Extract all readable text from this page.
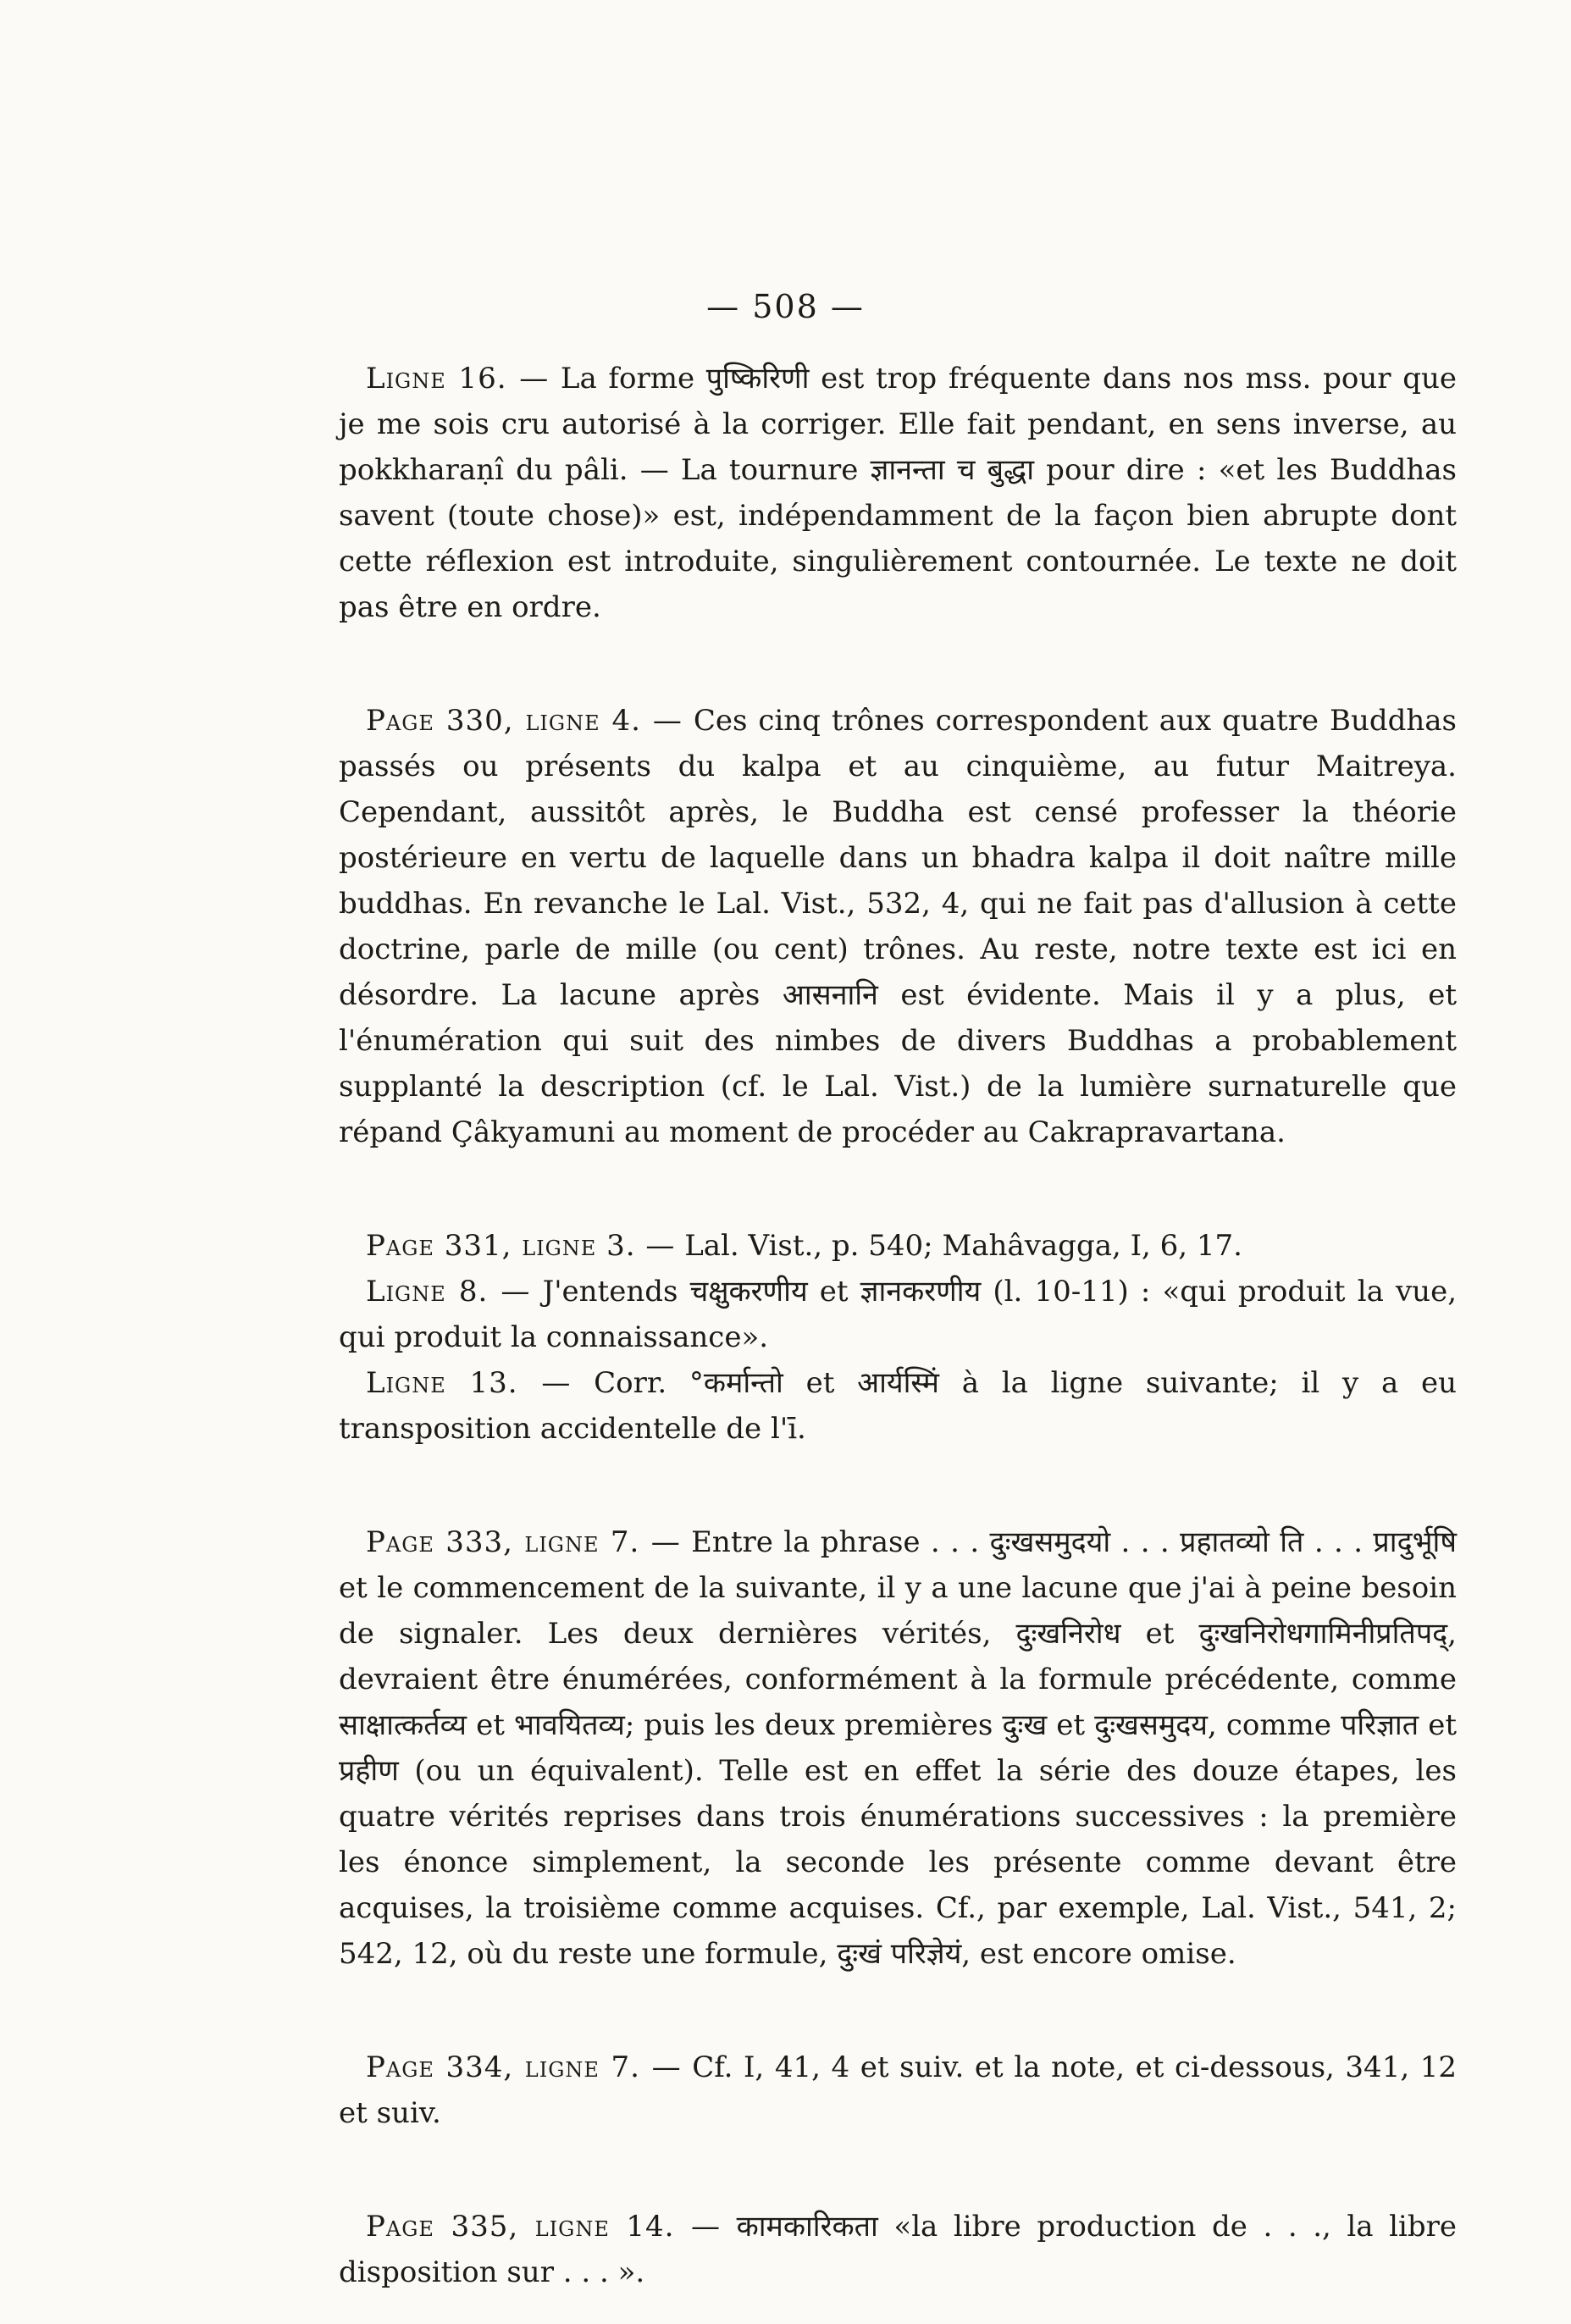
— 508 —

Ligne 16. — La forme पुष्किरिणी est trop fréquente dans nos mss. pour que je me sois cru autorisé à la corriger. Elle fait pendant, en sens inverse, au pokkharaṇî du pâli. — La tournure ज्ञानन्ता च बुद्धा pour dire : «et les Buddhas savent (toute chose)» est, indépendamment de la façon bien abrupte dont cette réflexion est introduite, singulièrement contournée. Le texte ne doit pas être en ordre.

Page 330, ligne 4. — Ces cinq trônes correspondent aux quatre Buddhas passés ou présents du kalpa et au cinquième, au futur Maitreya. Cependant, aussitôt après, le Buddha est censé professer la théorie postérieure en vertu de laquelle dans un bhadra kalpa il doit naître mille buddhas. En revanche le Lal. Vist., 532, 4, qui ne fait pas d'allusion à cette doctrine, parle de mille (ou cent) trônes. Au reste, notre texte est ici en désordre. La lacune après आसनानि est évidente. Mais il y a plus, et l'énumération qui suit des nimbes de divers Buddhas a probablement supplanté la description (cf. le Lal. Vist.) de la lumière surnaturelle que répand Çâkyamuni au moment de procéder au Cakrapravartana.

Page 331, ligne 3. — Lal. Vist., p. 540; Mahâvagga, I, 6, 17.

Ligne 8. — J'entends चक्षुकरणीय et ज्ञानकरणीय (l. 10-11) : «qui produit la vue, qui produit la connaissance».

Ligne 13. — Corr. °कर्मान्तो et आर्यस्मिं à la ligne suivante; il y a eu transposition accidentelle de l'ī.

Page 333, ligne 7. — Entre la phrase . . . दुःखसमुदयो . . . प्रहातव्यो ति . . . प्रादुर्भूषि et le commencement de la suivante, il y a une lacune que j'ai à peine besoin de signaler. Les deux dernières vérités, दुःखनिरोध et दुःखनिरोधगामिनीप्रतिपद्, devraient être énumérées, conformément à la formule précédente, comme साक्षात्कर्तव्य et भावयितव्य; puis les deux premières दुःख et दुःखसमुदय, comme परिज्ञात et प्रहीण (ou un équivalent). Telle est en effet la série des douze étapes, les quatre vérités reprises dans trois énumérations successives : la première les énonce simplement, la seconde les présente comme devant être acquises, la troisième comme acquises. Cf., par exemple, Lal. Vist., 541, 2; 542, 12, où du reste une formule, दुःखं परिज्ञेयं, est encore omise.

Page 334, ligne 7. — Cf. I, 41, 4 et suiv. et la note, et ci-dessous, 341, 12 et suiv.

Page 335, ligne 14. — कामकारिकता «la libre production de . . ., la libre disposition sur . . . ».
